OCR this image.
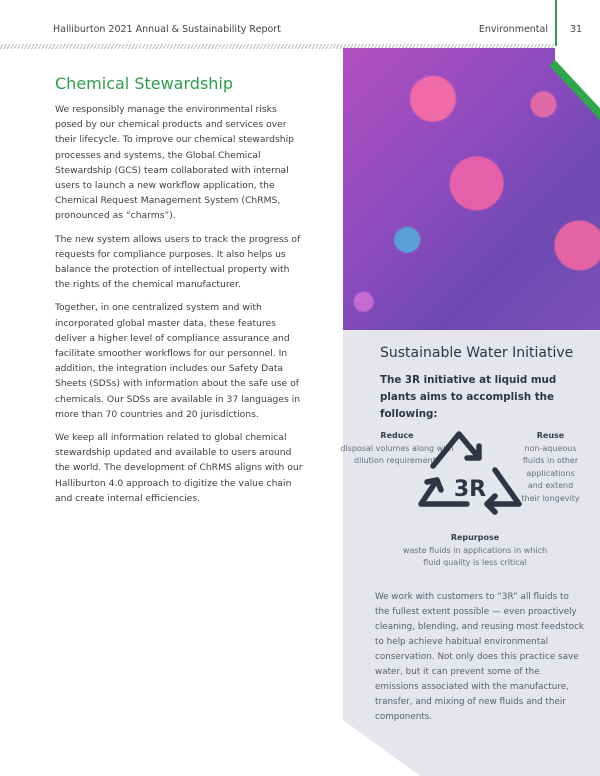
Halliburton 2021 Annual & Sustainability Report	Environmental 31
Chemical Stewardship

We responsibly manage the environmental risks posed by our chemical products and services over their lifecycle. To improve our chemical stewardship processes and systems, the Global Chemical Stewardship (GCS) team collaborated with internal users to launch a new workflow application, the Chemical Request Management System (ChRMS, pronounced as “charms”).

The new system allows users to track the progress of requests for compliance purposes. It also helps us balance the protection of intellectual property with the rights of the chemical manufacturer.

Together, in one centralized system and with incorporated global master data, these features deliver a higher level of compliance assurance and facilitate smoother workflows for our personnel. In addition, the integration includes our Safety Data Sheets (SDSs) with information about the safe use of chemicals. Our SDSs are available in 37 languages in more than 70 countries and 20 jurisdictions.

We keep all information related to global chemical stewardship updated and available to users around the world. The development of ChRMS aligns with our Halliburton 4.0 approach to digitize the value chain and create internal efficiencies.

Sustainable Water Initiative
The 3R initiative at liquid mud plants aims to accomplish the following:
Reduce
disposal volumes along with dilution requirements
Reuse
non-aqueous fluids in other applications and extend their longevity
Repurpose
waste fluids in applications in which fluid quality is less critical
3R
We work with customers to “3R” all fluids to the fullest extent possible — even proactively cleaning, blending, and reusing most feedstock to help achieve habitual environmental conservation. Not only does this practice save water, but it can prevent some of the emissions associated with the manufacture, transfer, and mixing of new fluids and their components.
